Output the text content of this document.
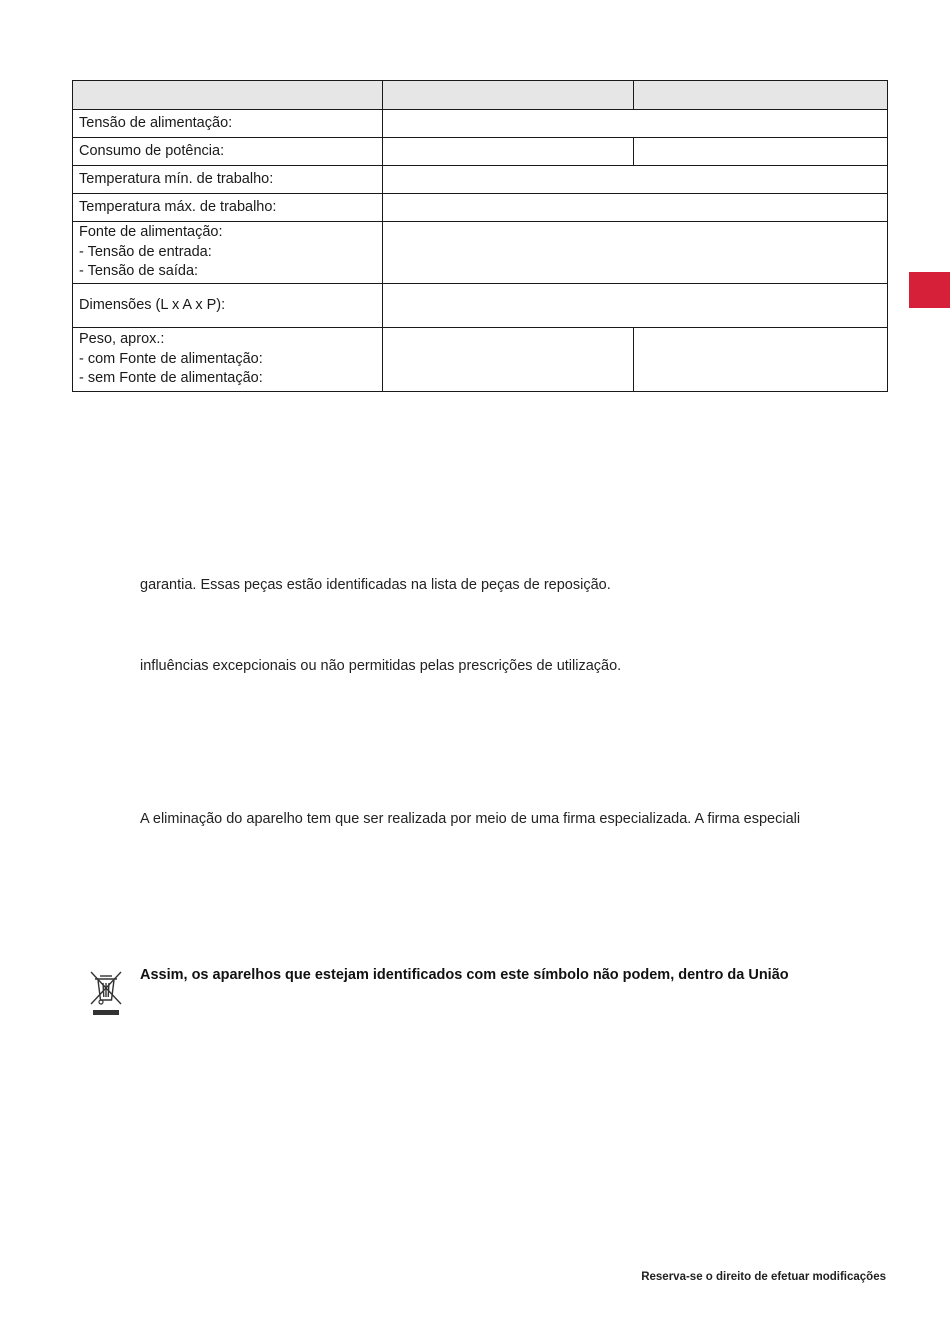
Tensão de alimentação:		
Consumo de potência:		
Temperatura mín. de trabalho:		
Temperatura máx. de trabalho:		

Fonte de alimentação:
- Tensão de entrada:
- Tensão de saída:		

Dimensões (L x A x P):		

Peso, aprox.:
- com Fonte de alimentação:
- sem Fonte de alimentação:		

garantia. Essas peças estão identificadas na lista de peças de reposição.
influências excepcionais ou não permitidas pelas prescrições de utilização.
A eliminação do aparelho tem que ser realizada por meio de uma firma especializada. A firma especiali
Assim, os aparelhos que estejam identificados com este símbolo não podem, dentro da União
Reserva-se o direito de efetuar modificações
